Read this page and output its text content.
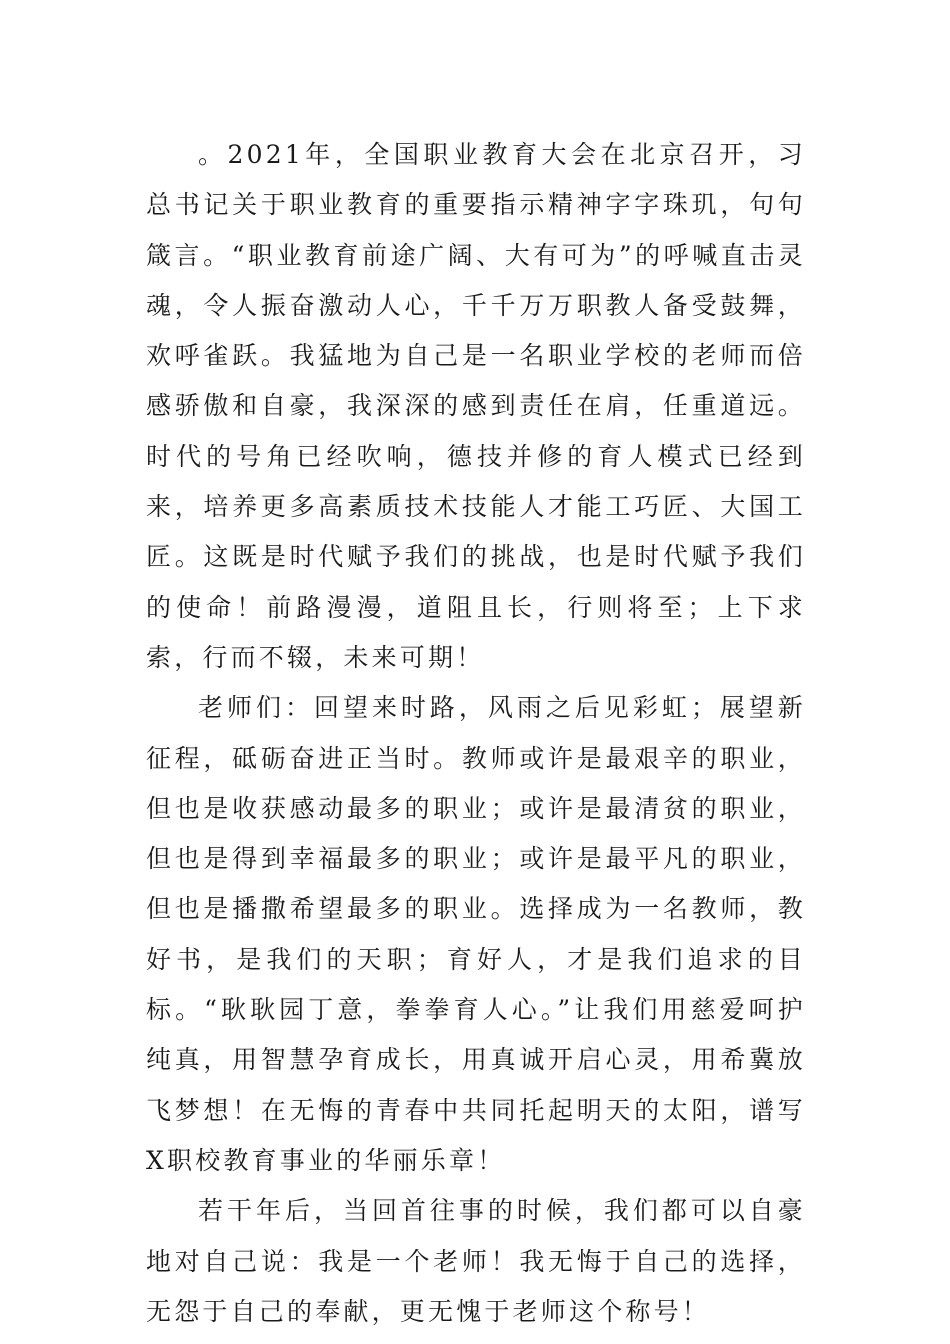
。2021年，全国职业教育大会在北京召开，习总书记关于职业教育的重要指示精神字字珠玑，句句箴言。“职业教育前途广阔、大有可为”的呼喊直击灵魂，令人振奋激动人心，千千万万职教人备受鼓舞，欢呼雀跃。我猛地为自己是一名职业学校的老师而倍感骄傲和自豪，我深深的感到责任在肩，任重道远。时代的号角已经吹响，德技并修的育人模式已经到来，培养更多高素质技术技能人才能工巧匠、大国工匠。这既是时代赋予我们的挑战，也是时代赋予我们的使命！前路漫漫，道阻且长，行则将至；上下求索，行而不辍，未来可期！

老师们：回望来时路，风雨之后见彩虹；展望新征程，砥砺奋进正当时。教师或许是最艰辛的职业，但也是收获感动最多的职业；或许是最清贫的职业，但也是得到幸福最多的职业；或许是最平凡的职业，但也是播撒希望最多的职业。选择成为一名教师，教好书，是我们的天职；育好人，才是我们追求的目标。“耿耿园丁意，拳拳育人心。”让我们用慈爱呵护纯真，用智慧孕育成长，用真诚开启心灵，用希冀放飞梦想！在无悔的青春中共同托起明天的太阳，谱写X职校教育事业的华丽乐章！

若干年后，当回首往事的时候，我们都可以自豪地对自己说：我是一个老师！我无悔于自己的选择，无怨于自己的奉献，更无愧于老师这个称号！
